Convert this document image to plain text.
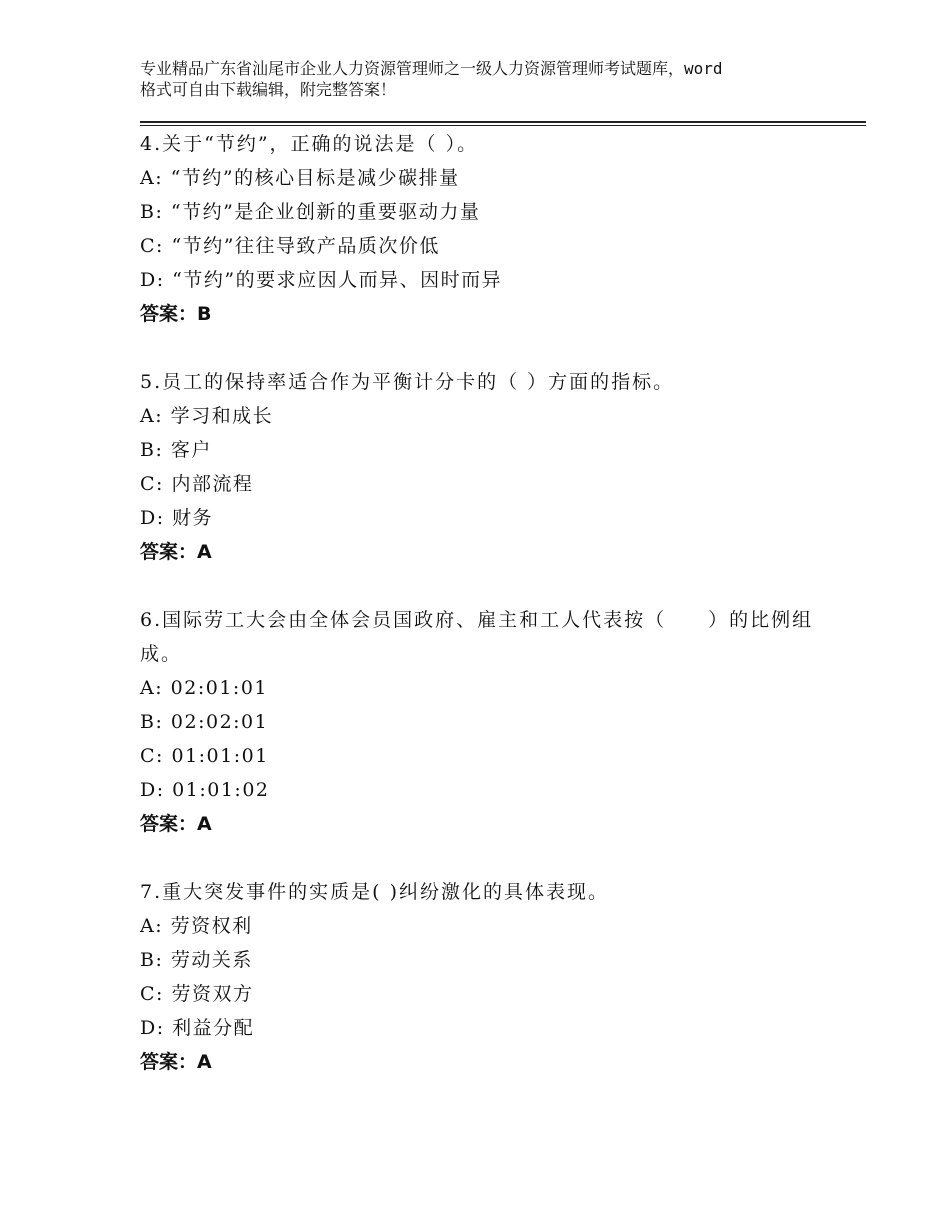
专业精品广东省汕尾市企业人力资源管理师之一级人力资源管理师考试题库，word
格式可自由下载编辑，附完整答案！

4.关于“节约”，正确的说法是（ ）。

A: “节约”的核心目标是减少碳排量

B: “节约”是企业创新的重要驱动力量

C: “节约”往往导致产品质次价低

D: “节约”的要求应因人而异、因时而异

答案：B

5.员工的保持率适合作为平衡计分卡的（ ）方面的指标。

A: 学习和成长

B: 客户

C: 内部流程

D: 财务

答案：A

6.国际劳工大会由全体会员国政府、雇主和工人代表按（　　）的比例组成。

A: 02:01:01

B: 02:02:01

C: 01:01:01

D: 01:01:02

答案：A

7.重大突发事件的实质是( )纠纷激化的具体表现。

A: 劳资权利

B: 劳动关系

C: 劳资双方

D: 利益分配

答案：A
